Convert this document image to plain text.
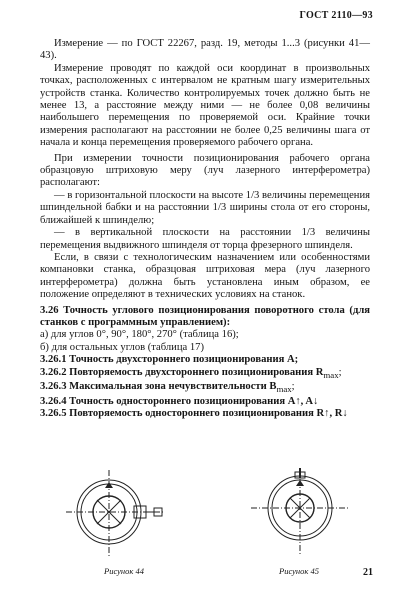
ГОСТ 2110—93

Измерение — по ГОСТ 22267, разд. 19, методы 1...3 (рисунки 41—43).

Измерение проводят по каждой оси координат в произвольных точках, расположенных с интервалом не кратным шагу измерительных устройств станка. Количество контролируемых точек должно быть не менее 13, а расстояние между ними — не более 0,08 величины наибольшего перемещения по проверяемой оси. Крайние точки измерения располагают на расстоянии не более 0,25 величины шага от начала и конца перемещения проверяемого рабочего органа.

При измерении точности позиционирования рабочего органа образцовую штриховую меру (луч лазерного интерферометра) располагают:

— в горизонтальной плоскости на высоте 1/3 величины перемещения шпиндельной бабки и на расстоянии 1/3 ширины стола от его стороны, ближайшей к шпинделю;

— в вертикальной плоскости на расстоянии 1/3 величины перемещения выдвижного шпинделя от торца фрезерного шпинделя.

Если, в связи с технологическим назначением или особенностями компановки станка, образцовая штриховая мера (луч лазерного интерферометра) должна быть установлена иным образом, ее положение определяют в технических условиях на станок.

3.26 Точность углового позиционирования поворотного стола (для станков с программным управлением):

а) для углов 0°, 90°, 180°, 270° (таблица 16);

б) для остальных углов (таблица 17)

3.26.1 Точность двухстороннего позиционирования A;

3.26.2 Повторяемость двухстороннего позиционирования $R_{max}$;

3.26.3 Максимальная зона нечувствительности $B_{max}$;

3.26.4 Точность одностороннего позиционирования A↑, A↓

3.26.5 Повторяемость одностороннего позиционирования R↑, R↓

Рисунок 44	Рисунок 45	21
